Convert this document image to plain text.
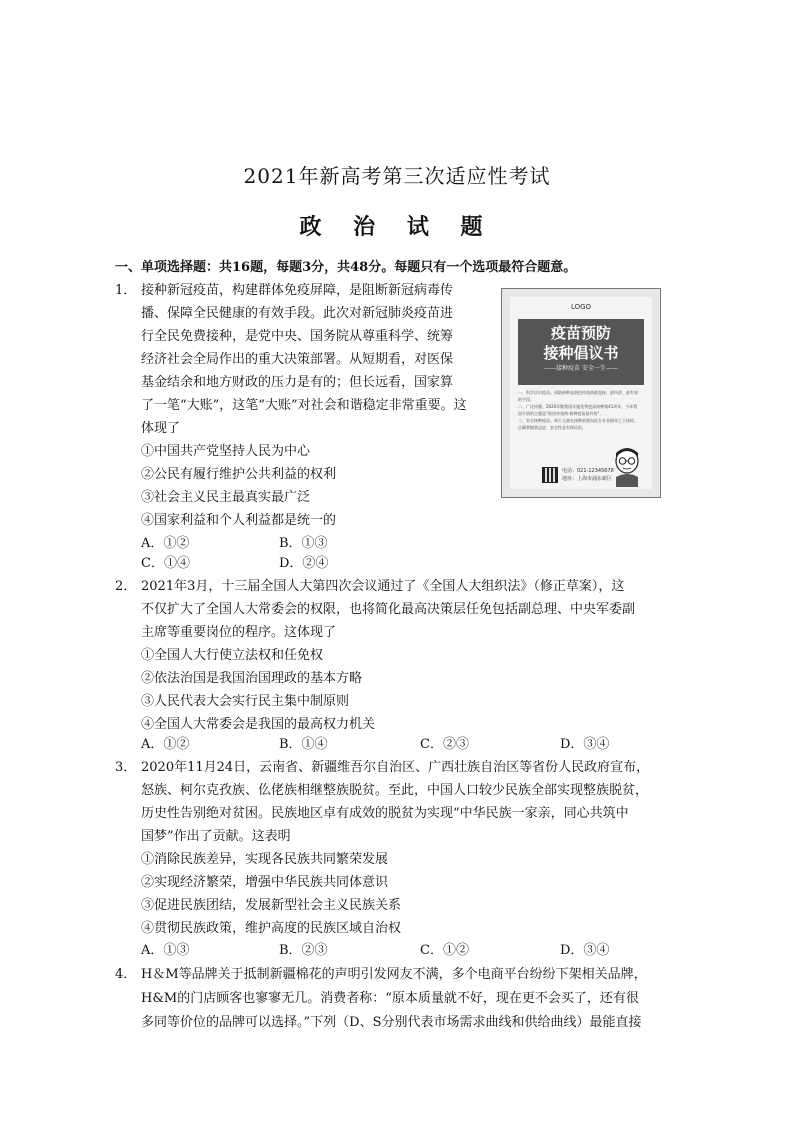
2021年新高考第三次适应性考试
政 治 试 题
一、单项选择题：共16题，每题3分，共48分。每题只有一个选项最符合题意。
1． 接种新冠疫苗，构建群体免疫屏障，是阻断新冠病毒传
播、保障全民健康的有效手段。此次对新冠肺炎疫苗进
行全民免费接种，是党中央、国务院从尊重科学、统筹
经济社会全局作出的重大决策部署。从短期看，对医保
基金结余和地方财政的压力是有的；但长远看，国家算
了一笔“大账”，这笔“大账”对社会和谐稳定非常重要。这
体现了
①中国共产党坚持人民为中心
②公民有履行维护公共利益的权利
③社会主义民主最真实最广泛
④国家利益和个人利益都是统一的
A．①②	B．①③
C．①④	D．②④
LOGO
疫苗预防
接种倡议书
——接种疫苗 安全一生——
一、科学认识疫苗。预防接种是防控传染病最直接、最经济、最有效的手段。
二、广泛传播。2020年继我国实施免费疫苗接种第41周年，今年我国开展的主题是“防控传染病·接种疫苗最有效”。
三、安全接种疫苗。每个儿童在接种前要向医生专业指导之下体检，正确掌握禁忌症，安全性是有保证的。
电话：021-12345678
地址：上海市浦东新区
2． 2021年3月，十三届全国人大第四次会议通过了《全国人大组织法》（修正草案），这
不仅扩大了全国人大常委会的权限，也将简化最高决策层任免包括副总理、中央军委副
主席等重要岗位的程序。这体现了
①全国人大行使立法权和任免权
②依法治国是我国治国理政的基本方略
③人民代表大会实行民主集中制原则
④全国人大常委会是我国的最高权力机关
A．①②	B．①④	C．②③	D．③④
3． 2020年11月24日，云南省、新疆维吾尔自治区、广西壮族自治区等省份人民政府宣布，
怒族、柯尔克孜族、仫佬族相继整族脱贫。至此，中国人口较少民族全部实现整族脱贫，
历史性告别绝对贫困。民族地区卓有成效的脱贫为实现“中华民族一家亲，同心共筑中
国梦”作出了贡献。这表明
①消除民族差异，实现各民族共同繁荣发展
②实现经济繁荣，增强中华民族共同体意识
③促进民族团结，发展新型社会主义民族关系
④贯彻民族政策，维护高度的民族区域自治权
A．①③	B．②③	C．①②	D．③④
4． H＆M等品牌关于抵制新疆棉花的声明引发网友不满，多个电商平台纷纷下架相关品牌，
H&M的门店顾客也寥寥无几。消费者称：“原本质量就不好，现在更不会买了，还有很
多同等价位的品牌可以选择。”下列（D、S分别代表市场需求曲线和供给曲线）最能直接
